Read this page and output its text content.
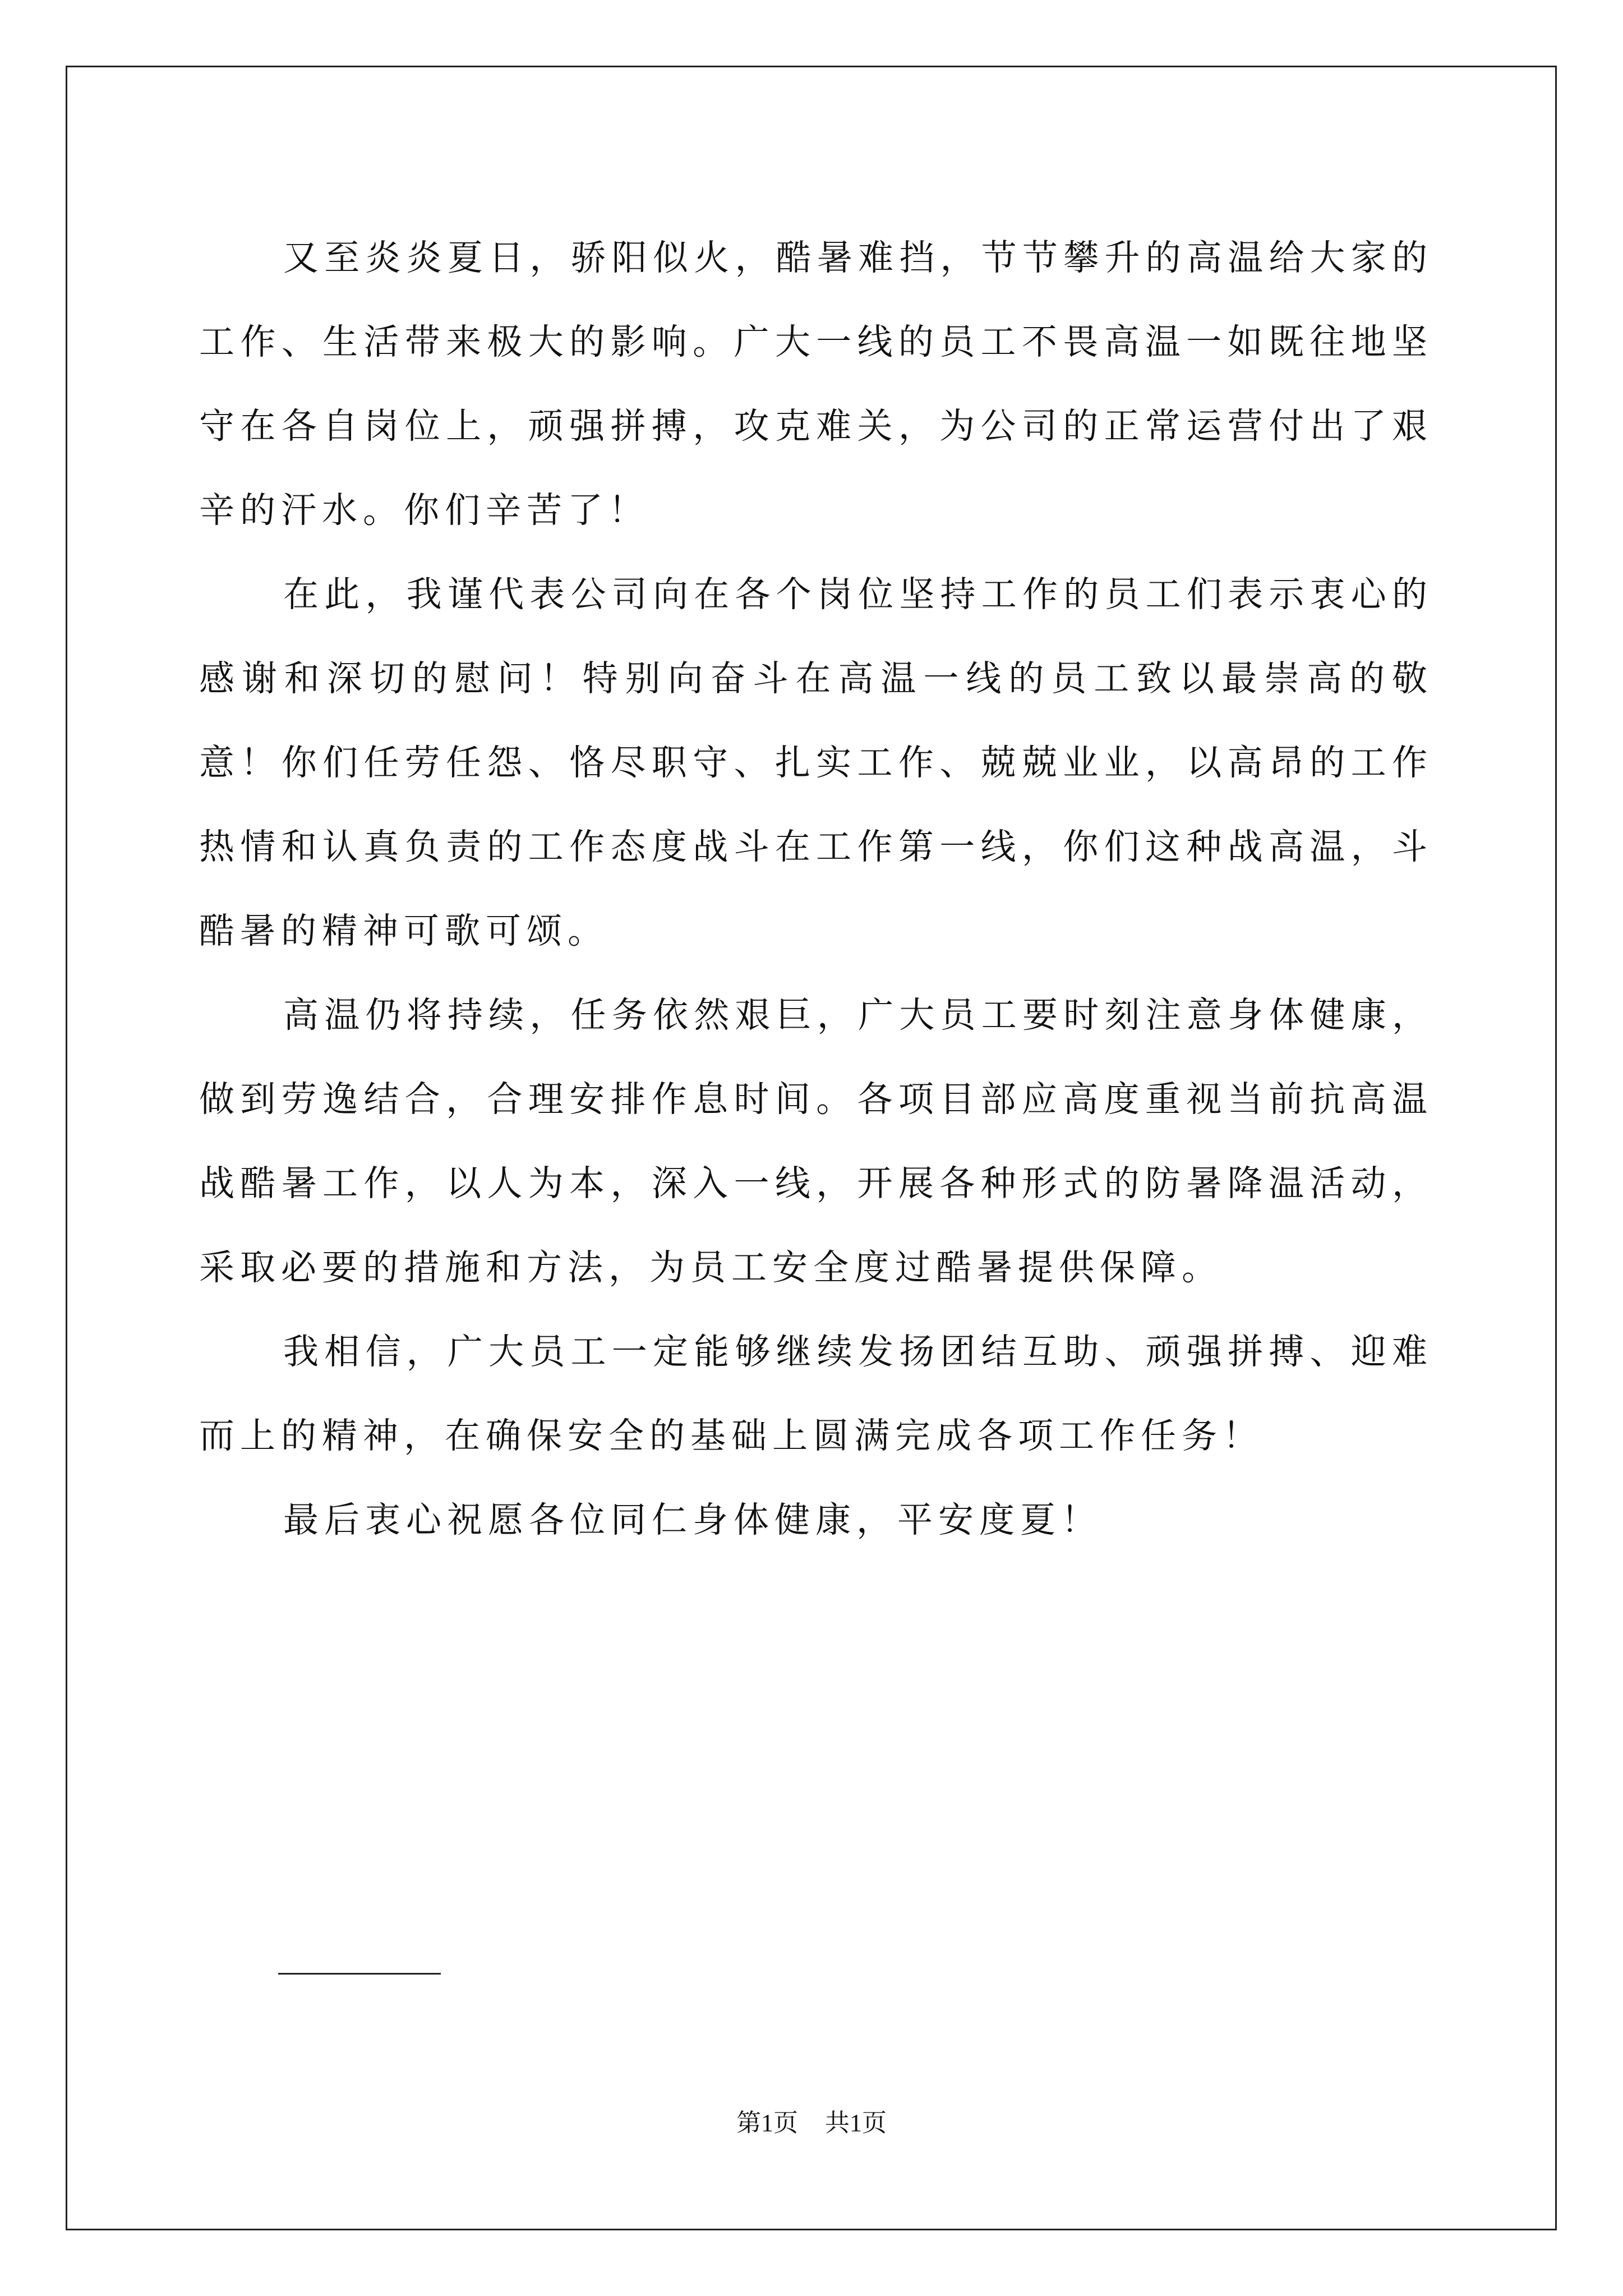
又至炎炎夏日，骄阳似火，酷暑难挡，节节攀升的高温给大家的工作、生活带来极大的影响。广大一线的员工不畏高温一如既往地坚守在各自岗位上，顽强拼搏，攻克难关，为公司的正常运营付出了艰辛的汗水。你们辛苦了！

在此，我谨代表公司向在各个岗位坚持工作的员工们表示衷心的感谢和深切的慰问！特别向奋斗在高温一线的员工致以最崇高的敬意！你们任劳任怨、恪尽职守、扎实工作、兢兢业业，以高昂的工作热情和认真负责的工作态度战斗在工作第一线，你们这种战高温，斗酷暑的精神可歌可颂。

高温仍将持续，任务依然艰巨，广大员工要时刻注意身体健康，做到劳逸结合，合理安排作息时间。各项目部应高度重视当前抗高温战酷暑工作，以人为本，深入一线，开展各种形式的防暑降温活动，采取必要的措施和方法，为员工安全度过酷暑提供保障。

我相信，广大员工一定能够继续发扬团结互助、顽强拼搏、迎难而上的精神，在确保安全的基础上圆满完成各项工作任务！

最后衷心祝愿各位同仁身体健康，平安度夏！

第1页 共1页
